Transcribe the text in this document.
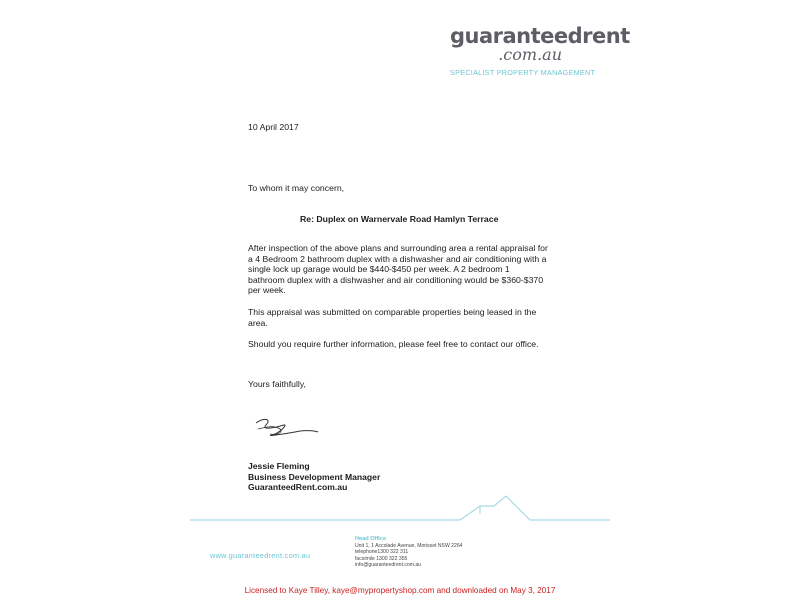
guaranteedrent
.com.au
SPECIALIST PROPERTY MANAGEMENT
10 April 2017
To whom it may concern,
Re: Duplex on Warnervale Road Hamlyn Terrace
After inspection of the above plans and surrounding area a rental appraisal for a 4 Bedroom 2 bathroom duplex with a dishwasher and air conditioning with a single lock up garage would be $440-$450 per week. A 2 bedroom 1 bathroom duplex with a dishwasher and air conditioning would be $360-$370 per week.
This appraisal was submitted on comparable properties being leased in the area.
Should you require further information, please feel free to contact our office.
Yours faithfully,
Jessie Fleming
Business Development Manager
GuaranteedRent.com.au
www.guaranteedrent.com.au
Head Office
Unit 1, 1 Accolade Avenue, Morisset NSW 2264
telephone1300 322 311
facsimile 1300 322 355
info@guaranteedrent.com.au
Licensed to Kaye Tilley, kaye@mypropertyshop.com and downloaded on May 3, 2017
